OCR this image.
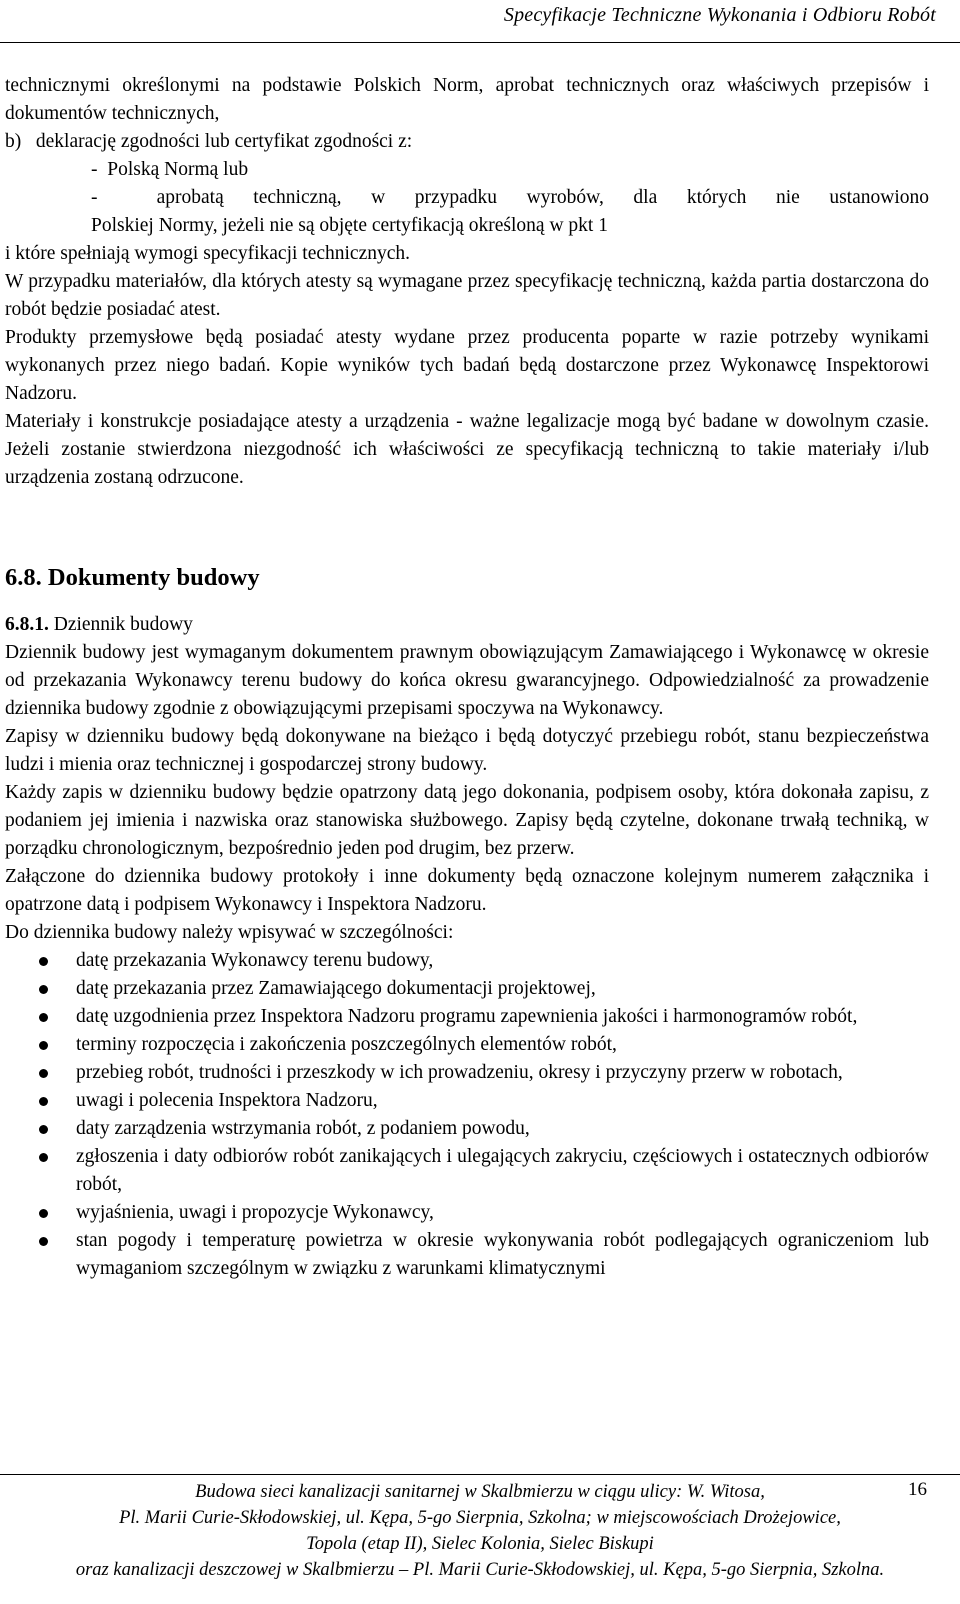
Specyfikacje Techniczne Wykonania i Odbioru Robót

technicznymi określonymi na podstawie Polskich Norm, aprobat technicznych oraz właściwych przepisów i dokumentów technicznych,

b)   deklarację zgodności lub certyfikat zgodności z:

-  Polską Normą lub

-  aprobatą techniczną, w przypadku wyrobów, dla których nie ustanowiono

Polskiej Normy, jeżeli nie są objęte certyfikacją określoną w pkt 1

i które spełniają wymogi specyfikacji technicznych.

W przypadku materiałów, dla których atesty są wymagane przez specyfikację techniczną, każda partia dostarczona do robót będzie posiadać atest.

Produkty przemysłowe będą posiadać atesty wydane przez producenta poparte w razie potrzeby wynikami wykonanych przez niego badań. Kopie wyników tych badań będą dostarczone przez Wykonawcę Inspektorowi Nadzoru.

Materiały i konstrukcje posiadające atesty a urządzenia - ważne legalizacje mogą być badane w dowolnym czasie. Jeżeli zostanie stwierdzona niezgodność ich właściwości ze specyfikacją techniczną to takie materiały i/lub urządzenia zostaną odrzucone.

6.8. Dokumenty budowy

6.8.1. Dziennik budowy

Dziennik budowy jest wymaganym dokumentem prawnym obowiązującym Zamawiającego i Wykonawcę w okresie od przekazania Wykonawcy terenu budowy do końca okresu gwarancyjnego. Odpowiedzialność za prowadzenie dziennika budowy zgodnie z obowiązującymi przepisami spoczywa na Wykonawcy.

Zapisy w dzienniku budowy będą dokonywane na bieżąco i będą dotyczyć przebiegu robót, stanu bezpieczeństwa ludzi i mienia oraz technicznej i gospodarczej strony budowy.

Każdy zapis w dzienniku budowy będzie opatrzony datą jego dokonania, podpisem osoby, która dokonała zapisu, z podaniem jej imienia i nazwiska oraz stanowiska służbowego. Zapisy będą czytelne, dokonane trwałą techniką, w porządku chronologicznym, bezpośrednio jeden pod drugim, bez przerw.

Załączone do dziennika budowy protokoły i inne dokumenty będą oznaczone kolejnym numerem załącznika i opatrzone datą i podpisem Wykonawcy i Inspektora Nadzoru.

Do dziennika budowy należy wpisywać w szczególności:

datę przekazania Wykonawcy terenu budowy,
datę przekazania przez Zamawiającego dokumentacji projektowej,
datę uzgodnienia przez Inspektora Nadzoru programu zapewnienia jakości i harmonogramów robót,
terminy rozpoczęcia i zakończenia poszczególnych elementów robót,
przebieg robót, trudności i przeszkody w ich prowadzeniu, okresy i przyczyny przerw w robotach,
uwagi i polecenia Inspektora Nadzoru,
daty zarządzenia wstrzymania robót, z podaniem powodu,
zgłoszenia i daty odbiorów robót zanikających i ulegających zakryciu, częściowych i ostatecznych odbiorów robót,
wyjaśnienia, uwagi i propozycje Wykonawcy,
stan pogody i temperaturę powietrza w okresie wykonywania robót podlegających ograniczeniom lub wymaganiom szczególnym w związku z warunkami klimatycznymi
Budowa sieci kanalizacji sanitarnej w Skalbmierzu w ciągu ulicy: W. Witosa,
Pl. Marii Curie-Skłodowskiej, ul. Kępa, 5-go Sierpnia, Szkolna; w miejscowościach Drożejowice,
Topola (etap II), Sielec Kolonia, Sielec Biskupi
oraz kanalizacji deszczowej w Skalbmierzu – Pl. Marii Curie-Skłodowskiej, ul. Kępa, 5-go Sierpnia, Szkolna.
16
